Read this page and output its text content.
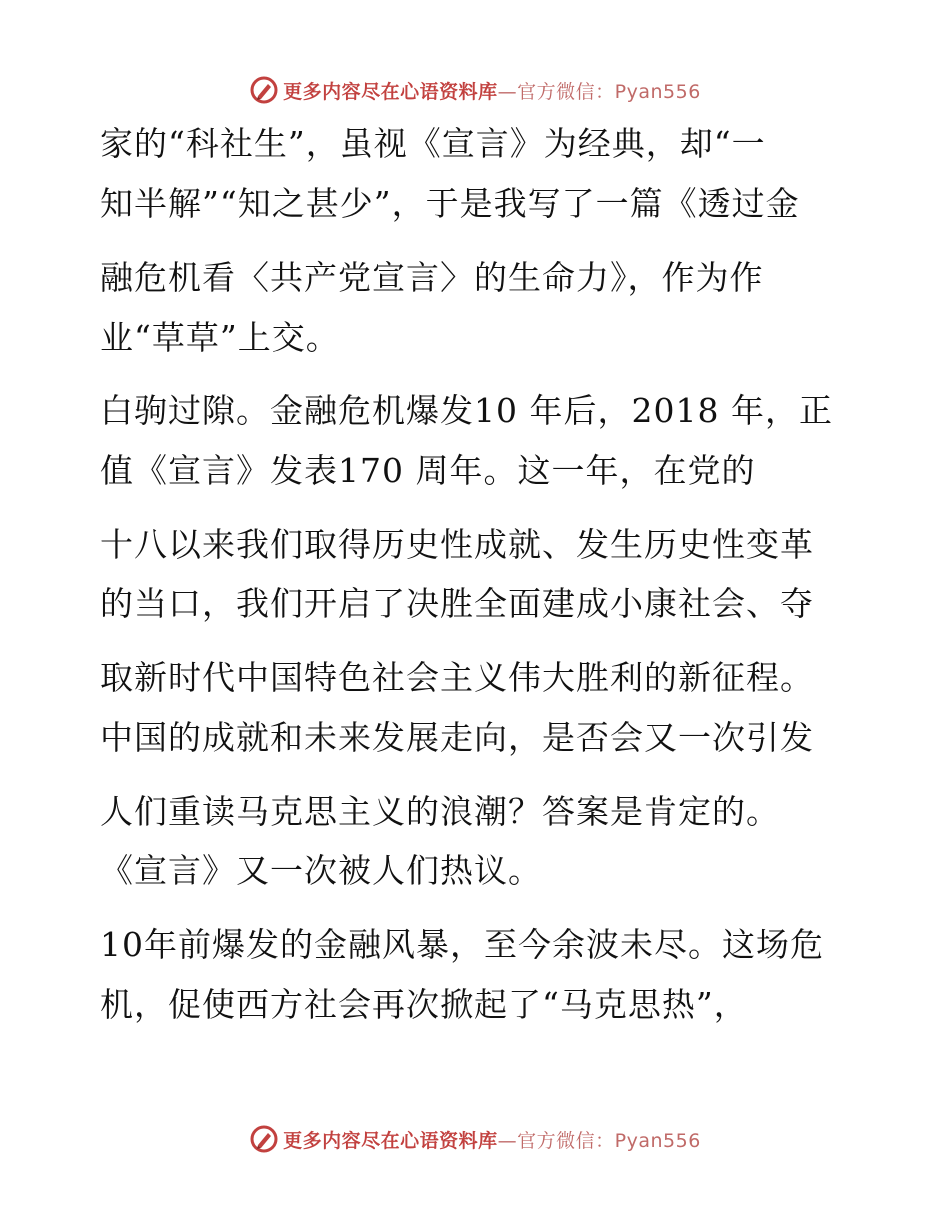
更多内容尽在心语资料库 —官方微信：Pyan556
家的“科社生”，虽视《宣言》为经典，却“一
知半解”“知之甚少”，于是我写了一篇《透过金
融危机看〈共产党宣言〉的生命力》，作为作
业“草草”上交。
白驹过隙。金融危机爆发10 年后，2018 年，正
值《宣言》发表170 周年。这一年，在党的
十八以来我们取得历史性成就、发生历史性变革
的当口，我们开启了决胜全面建成小康社会、夺
取新时代中国特色社会主义伟大胜利的新征程。
中国的成就和未来发展走向，是否会又一次引发
人们重读马克思主义的浪潮？答案是肯定的。
《宣言》又一次被人们热议。
10年前爆发的金融风暴，至今余波未尽。这场危
机，促使西方社会再次掀起了“马克思热”，
更多内容尽在心语资料库 —官方微信：Pyan556
